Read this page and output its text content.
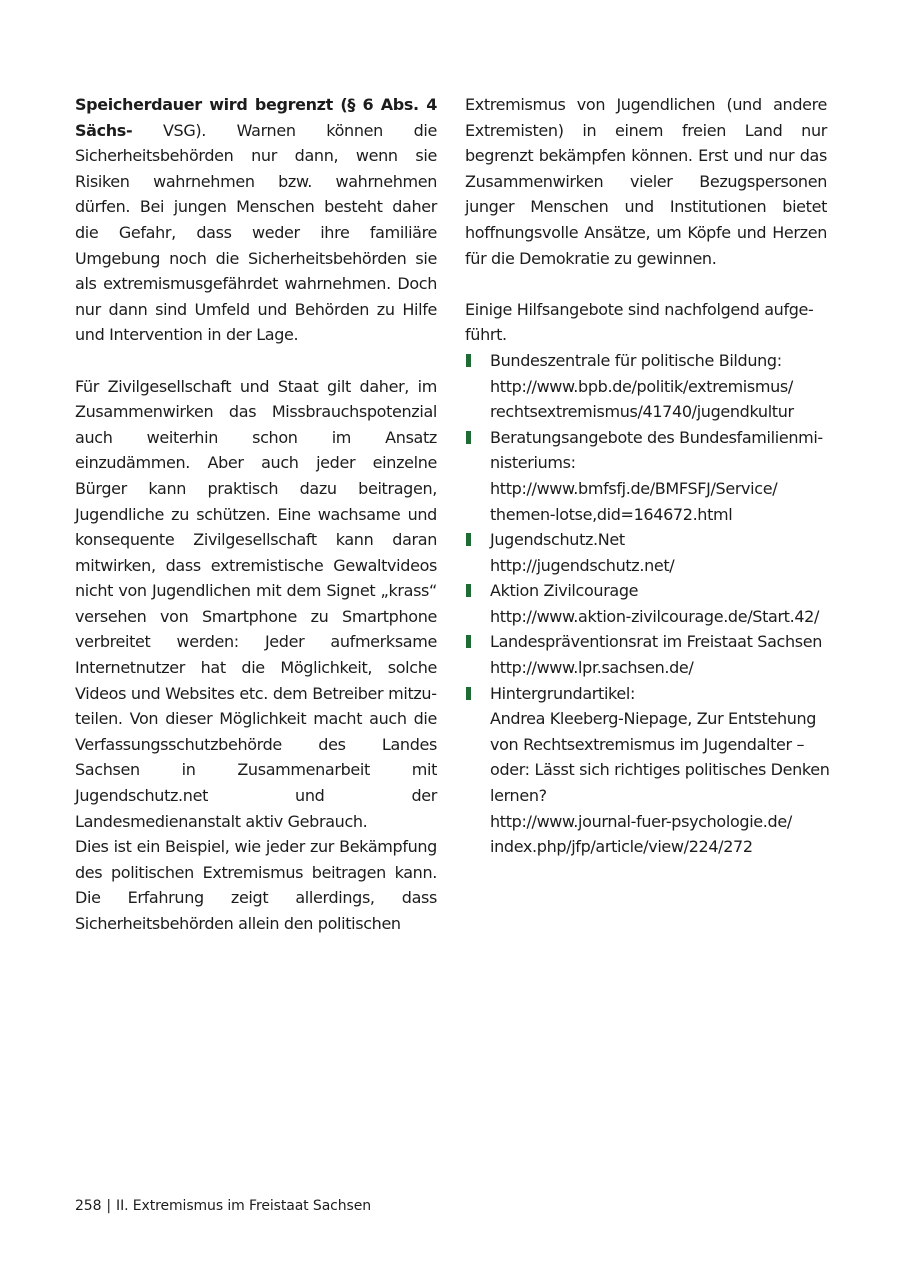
Speicherdauer wird begrenzt (§ 6 Abs. 4 Sächs- VSG). Warnen können die Sicherheitsbehörden nur dann, wenn sie Risiken wahrnehmen bzw. wahrnehmen dürfen. Bei jungen Menschen besteht daher die Gefahr, dass weder ihre familiäre Umgebung noch die Sicherheitsbehörden sie als extremismusgefährdet wahrnehmen. Doch nur dann sind Umfeld und Behörden zu Hilfe und Intervention in der Lage.

Für Zivilgesellschaft und Staat gilt daher, im Zusammenwirken das Missbrauchspotenzial auch weiterhin schon im Ansatz einzudämmen. Aber auch jeder einzelne Bürger kann praktisch dazu beitragen, Jugendliche zu schützen. Eine wachsame und konsequente Zivilgesellschaft kann daran mitwirken, dass extremistische Gewaltvideos nicht von Jugendlichen mit dem Signet „krass“ versehen von Smartphone zu Smartphone verbreitet werden: Jeder aufmerksame Internetnutzer hat die Möglichkeit, solche Videos und Websites etc. dem Betreiber mitzuteilen. Von dieser Möglichkeit macht auch die Verfassungsschutzbehörde des Landes Sachsen in Zusammenarbeit mit Jugendschutz.net und der Landesmedienanstalt aktiv Gebrauch.

Dies ist ein Beispiel, wie jeder zur Bekämpfung des politischen Extremismus beitragen kann. Die Erfahrung zeigt allerdings, dass Sicherheitsbehörden allein den politischen

Extremismus von Jugendlichen (und andere Extremisten) in einem freien Land nur begrenzt bekämpfen können. Erst und nur das Zusammenwirken vieler Bezugspersonen junger Menschen und Institutionen bietet hoffnungsvolle Ansätze, um Köpfe und Herzen für die Demokratie zu gewinnen.

Einige Hilfsangebote sind nachfolgend aufgeführt.

Bundeszentrale für politische Bildung:
http://www.bpb.de/politik/extremismus/
rechtsextremismus/41740/jugendkultur
Beratungsangebote des Bundesfamilienmi-
nisteriums:
http://www.bmfsfj.de/BMFSFJ/Service/
themen-lotse,did=164672.html
Jugendschutz.Net
http://jugendschutz.net/
Aktion Zivilcourage
http://www.aktion-zivilcourage.de/Start.42/
Landespräventionsrat im Freistaat Sachsen
http://www.lpr.sachsen.de/
Hintergrundartikel:
Andrea Kleeberg-Niepage, Zur Entstehung
von Rechtsextremismus im Jugendalter –
oder: Lässt sich richtiges politisches Denken
lernen?
http://www.journal-fuer-psychologie.de/
index.php/jfp/article/view/224/272
258 | II. Extremismus im Freistaat Sachsen
